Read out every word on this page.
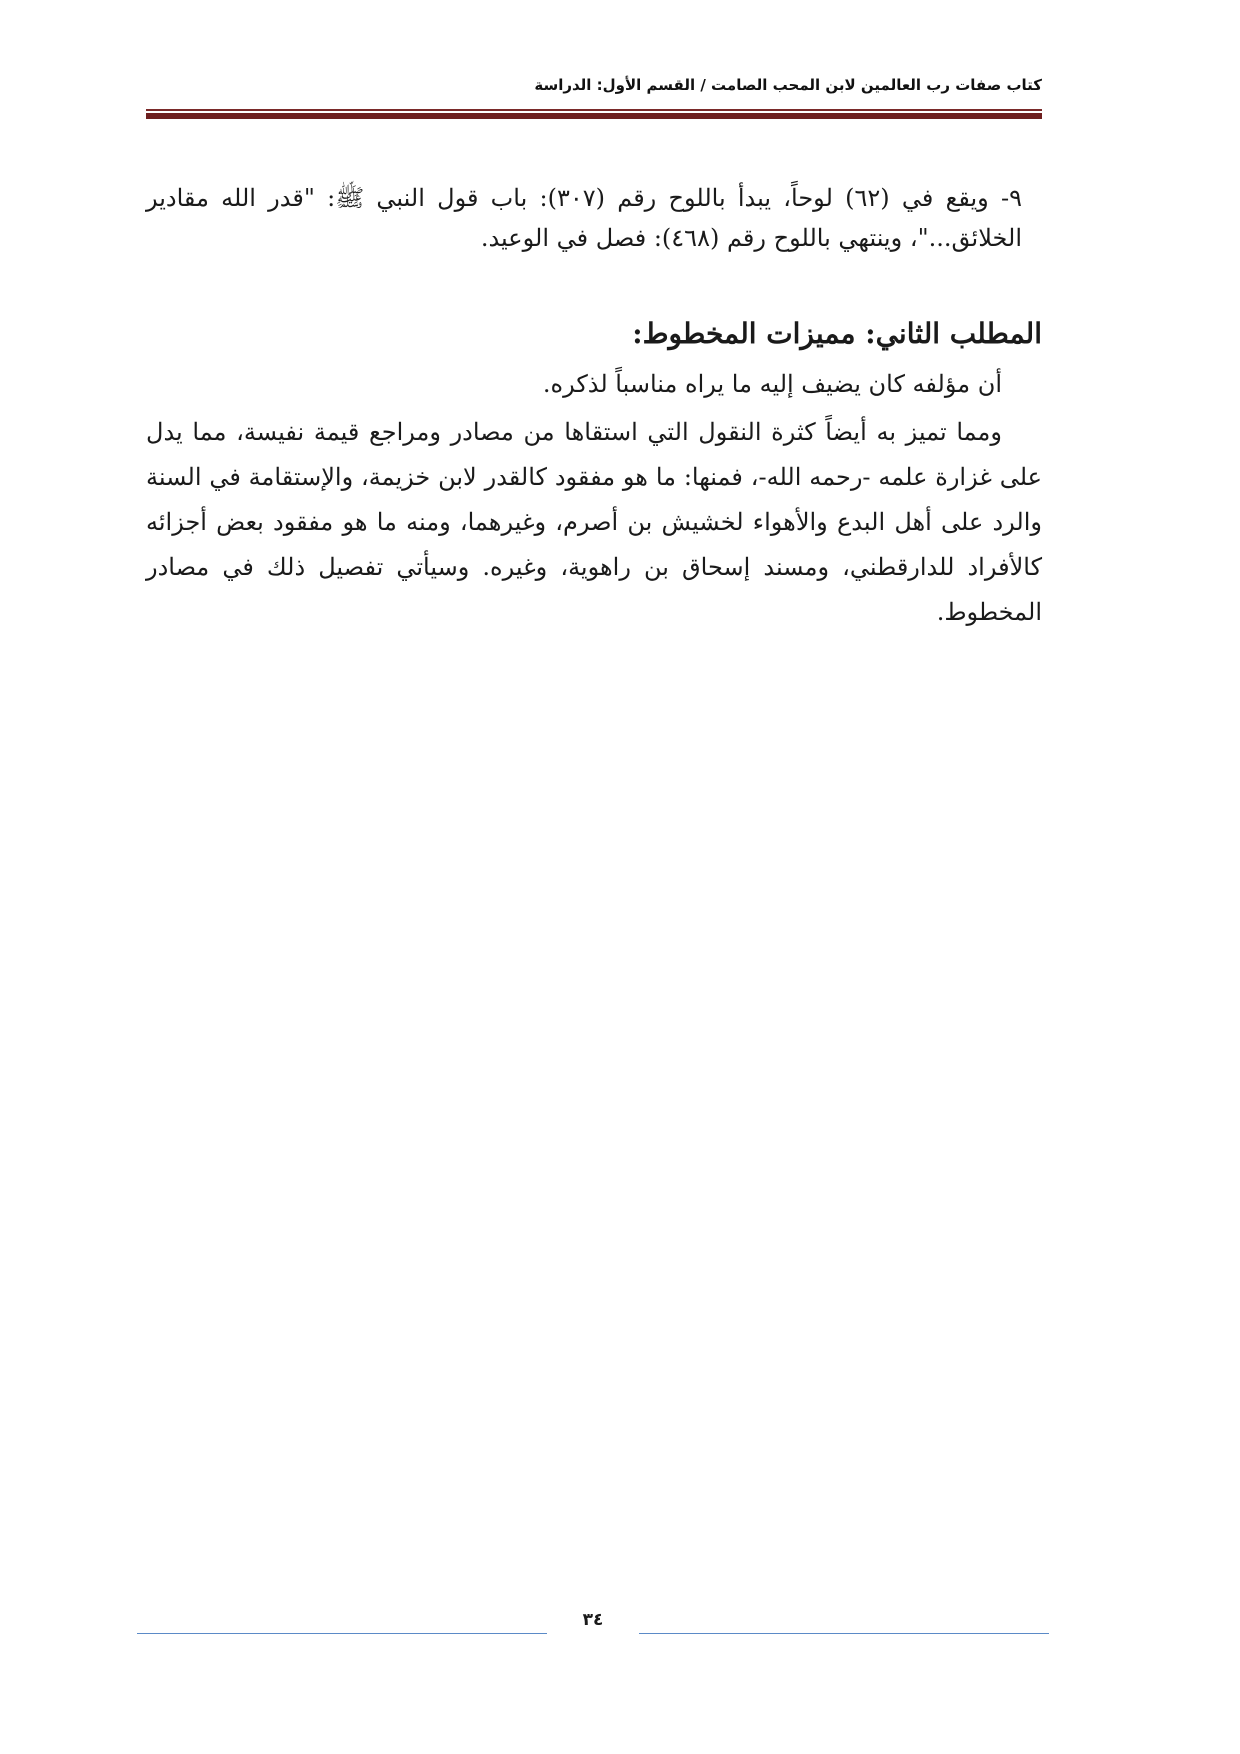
كتاب صفات رب العالمين لابن المحب الصامت / القسم الأول: الدراسة

٩- ويقع في (٦٢) لوحاً، يبدأ باللوح رقم (٣٠٧): باب قول النبي ﷺ: "قدر الله مقادير الخلائق..."، وينتهي باللوح رقم (٤٦٨): فصل في الوعيد.

المطلب الثاني: مميزات المخطوط:

أن مؤلفه كان يضيف إليه ما يراه مناسباً لذكره.

ومما تميز به أيضاً كثرة النقول التي استقاها من مصادر ومراجع قيمة نفيسة، مما يدل على غزارة علمه -رحمه الله-، فمنها: ما هو مفقود كالقدر لابن خزيمة، والإستقامة في السنة والرد على أهل البدع والأهواء لخشيش بن أصرم، وغيرهما، ومنه ما هو مفقود بعض أجزائه كالأفراد للدارقطني، ومسند إسحاق بن راهوية، وغيره. وسيأتي تفصيل ذلك في مصادر المخطوط.

٣٤
